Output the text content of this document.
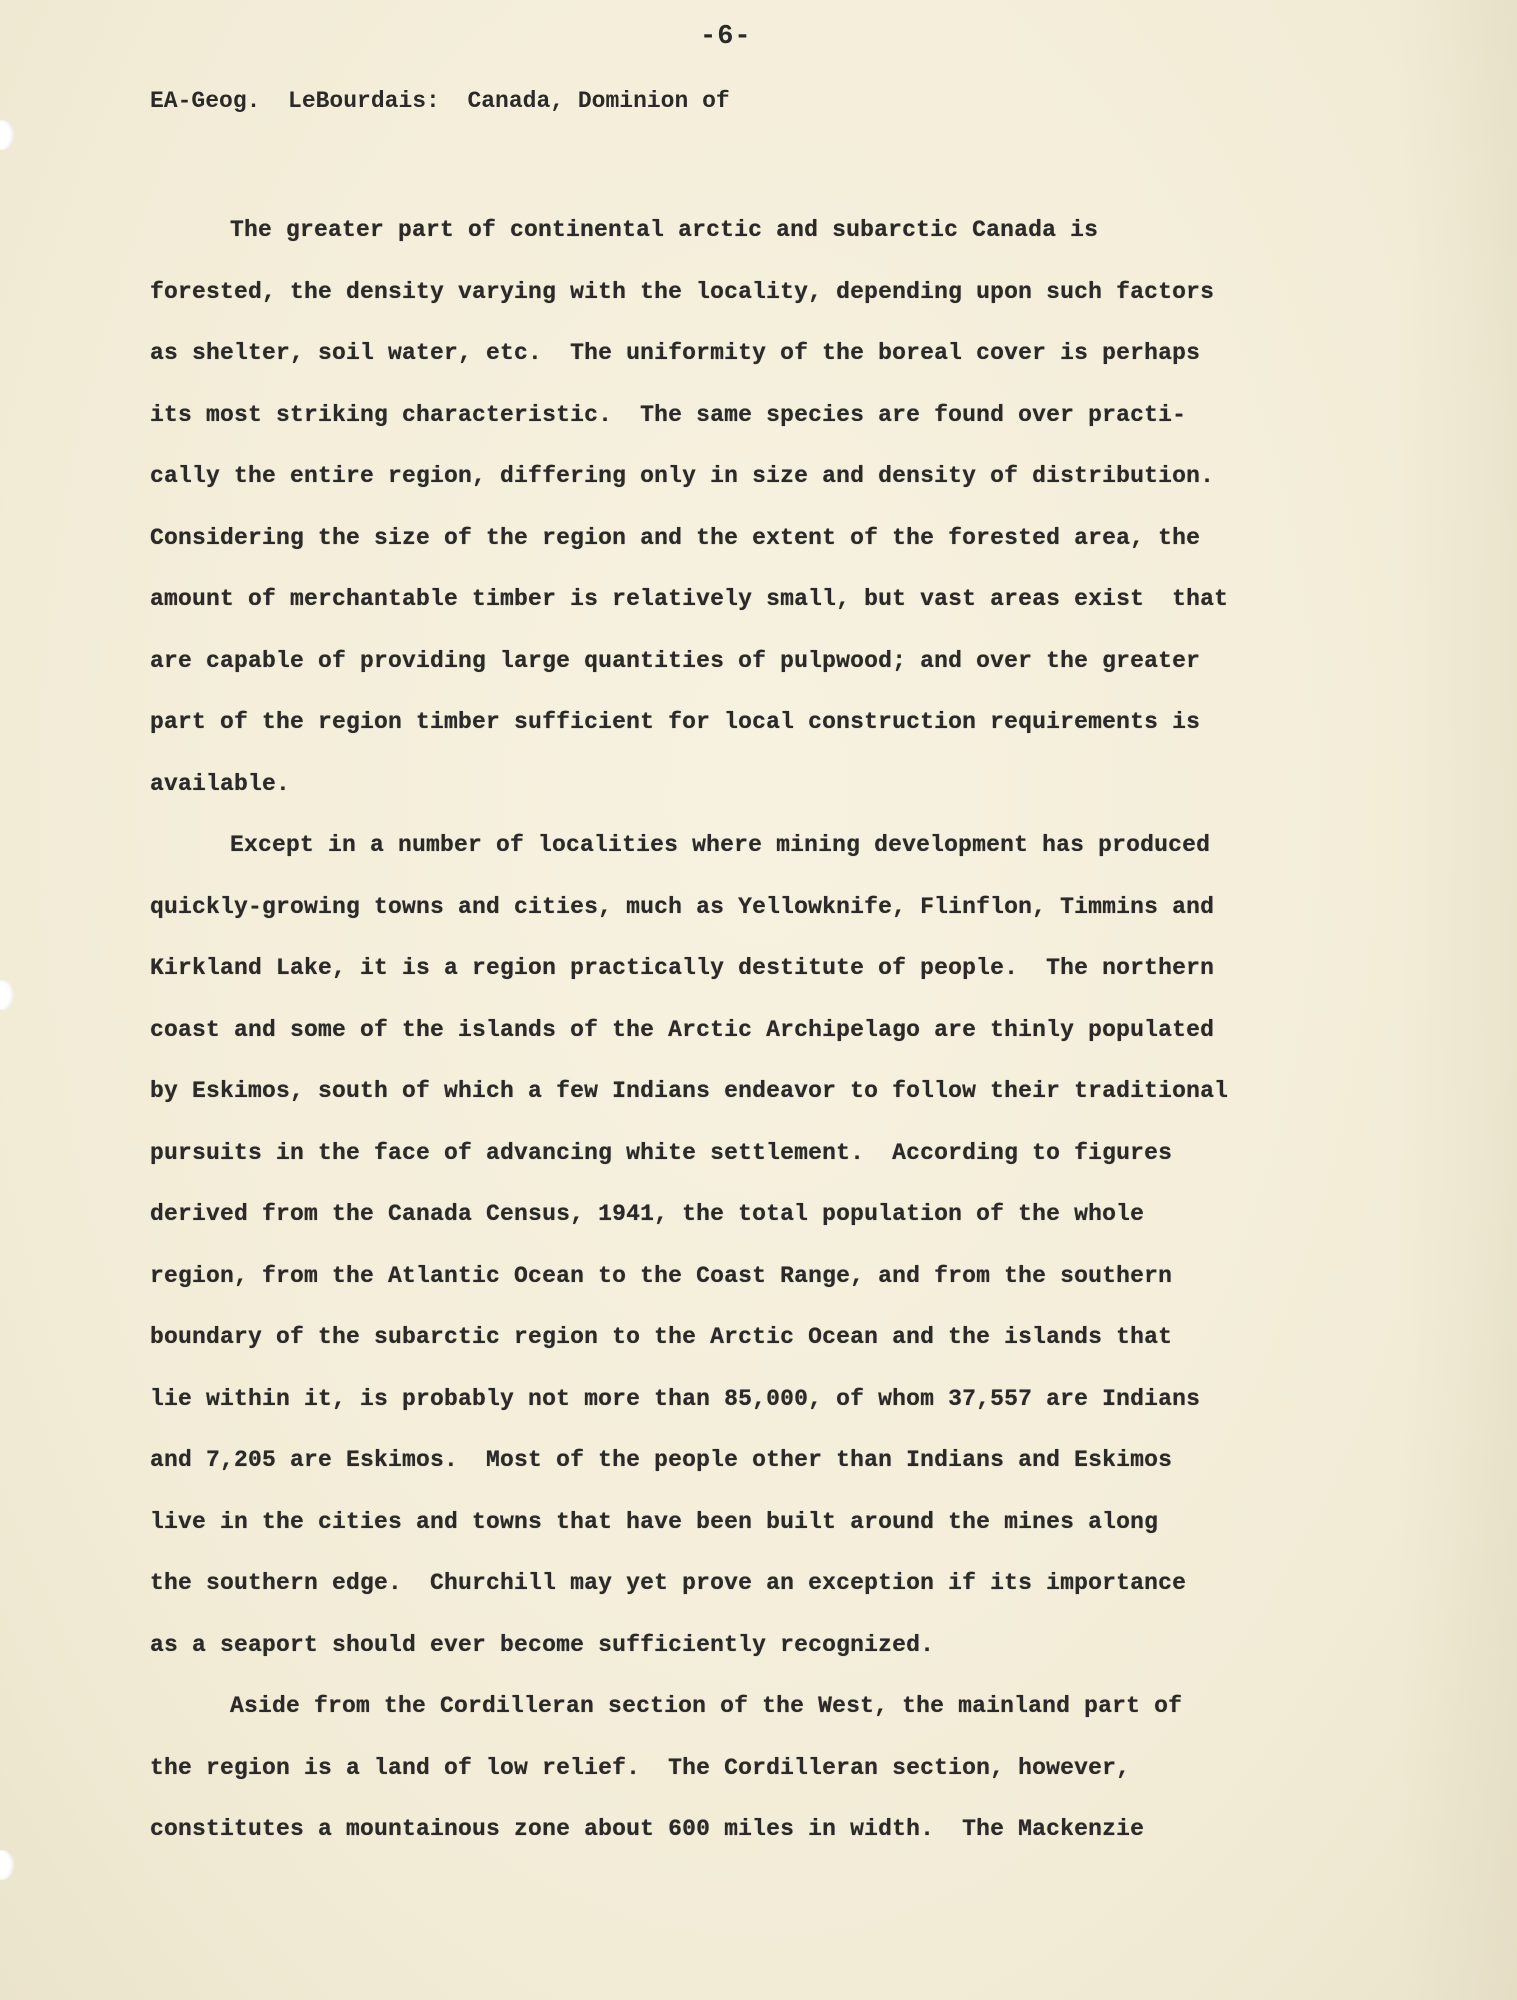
-6-
EA-Geog.  LeBourdais:  Canada, Dominion of
The greater part of continental arctic and subarctic Canada is
forested, the density varying with the locality, depending upon such factors
as shelter, soil water, etc.  The uniformity of the boreal cover is perhaps
its most striking characteristic.  The same species are found over practi-
cally the entire region, differing only in size and density of distribution.
Considering the size of the region and the extent of the forested area, the
amount of merchantable timber is relatively small, but vast areas exist  that
are capable of providing large quantities of pulpwood; and over the greater
part of the region timber sufficient for local construction requirements is
available.
Except in a number of localities where mining development has produced
quickly-growing towns and cities, much as Yellowknife, Flinflon, Timmins and
Kirkland Lake, it is a region practically destitute of people.  The northern
coast and some of the islands of the Arctic Archipelago are thinly populated
by Eskimos, south of which a few Indians endeavor to follow their traditional
pursuits in the face of advancing white settlement.  According to figures
derived from the Canada Census, 1941, the total population of the whole
region, from the Atlantic Ocean to the Coast Range, and from the southern
boundary of the subarctic region to the Arctic Ocean and the islands that
lie within it, is probably not more than 85,000, of whom 37,557 are Indians
and 7,205 are Eskimos.  Most of the people other than Indians and Eskimos
live in the cities and towns that have been built around the mines along
the southern edge.  Churchill may yet prove an exception if its importance
as a seaport should ever become sufficiently recognized.
Aside from the Cordilleran section of the West, the mainland part of
the region is a land of low relief.  The Cordilleran section, however,
constitutes a mountainous zone about 600 miles in width.  The Mackenzie
